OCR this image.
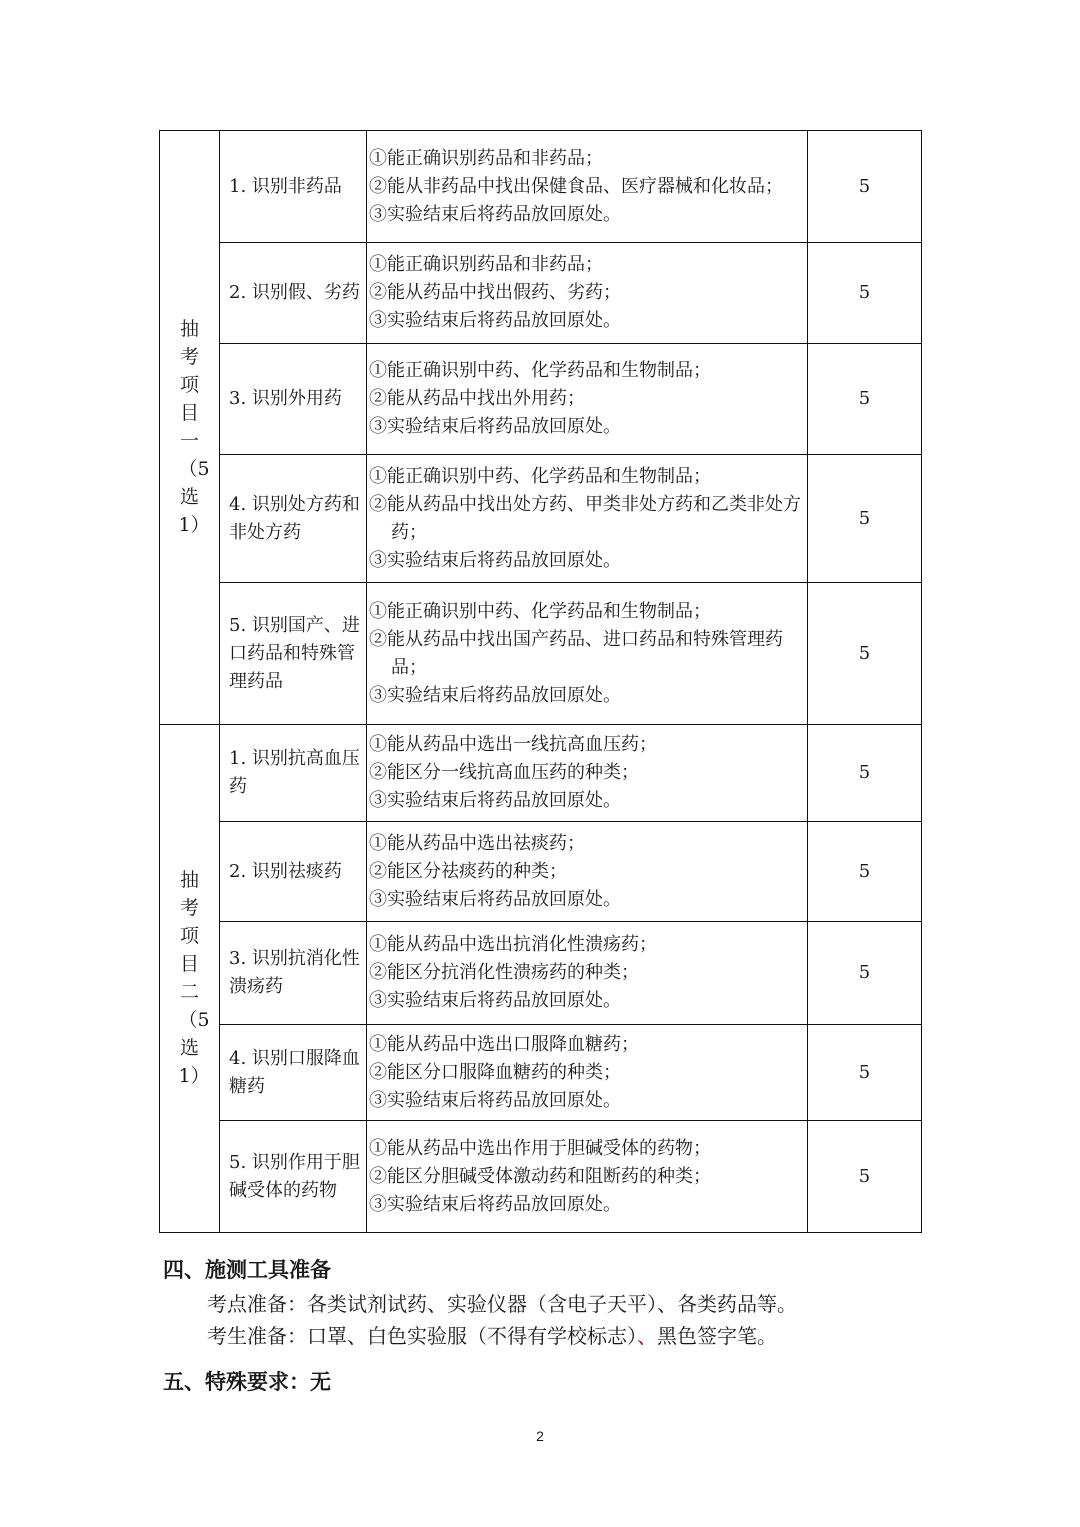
抽考项目一（5选1）	1. 识别非药品	①能正确识别药品和非药品；
②能从非药品中找出保健食品、医疗器械和化妆品；
③实验结束后将药品放回原处。	5
	2. 识别假、劣药	①能正确识别药品和非药品；
②能从药品中找出假药、劣药；
③实验结束后将药品放回原处。	5
	3. 识别外用药	①能正确识别中药、化学药品和生物制品；
②能从药品中找出外用药；
③实验结束后将药品放回原处。	5
	4. 识别处方药和非处方药	①能正确识别中药、化学药品和生物制品；
②能从药品中找出处方药、甲类非处方药和乙类非处方药；
③实验结束后将药品放回原处。	5
	5. 识别国产、进口药品和特殊管理药品	①能正确识别中药、化学药品和生物制品；
②能从药品中找出国产药品、进口药品和特殊管理药品；
③实验结束后将药品放回原处。	5
抽考项目二（5选1）	1. 识别抗高血压药	①能从药品中选出一线抗高血压药；
②能区分一线抗高血压药的种类；
③实验结束后将药品放回原处。	5
	2. 识别祛痰药	①能从药品中选出祛痰药；
②能区分祛痰药的种类；
③实验结束后将药品放回原处。	5
	3. 识别抗消化性溃疡药	①能从药品中选出抗消化性溃疡药；
②能区分抗消化性溃疡药的种类；
③实验结束后将药品放回原处。	5
	4. 识别口服降血糖药	①能从药品中选出口服降血糖药；
②能区分口服降血糖药的种类；
③实验结束后将药品放回原处。	5
	5. 识别作用于胆碱受体的药物	①能从药品中选出作用于胆碱受体的药物；
②能区分胆碱受体激动药和阻断药的种类；
③实验结束后将药品放回原处。	5
四、施测工具准备
考点准备：各类试剂试药、实验仪器（含电子天平）、各类药品等。
考生准备：口罩、白色实验服（不得有学校标志）、黑色签字笔。
五、特殊要求：无
2
